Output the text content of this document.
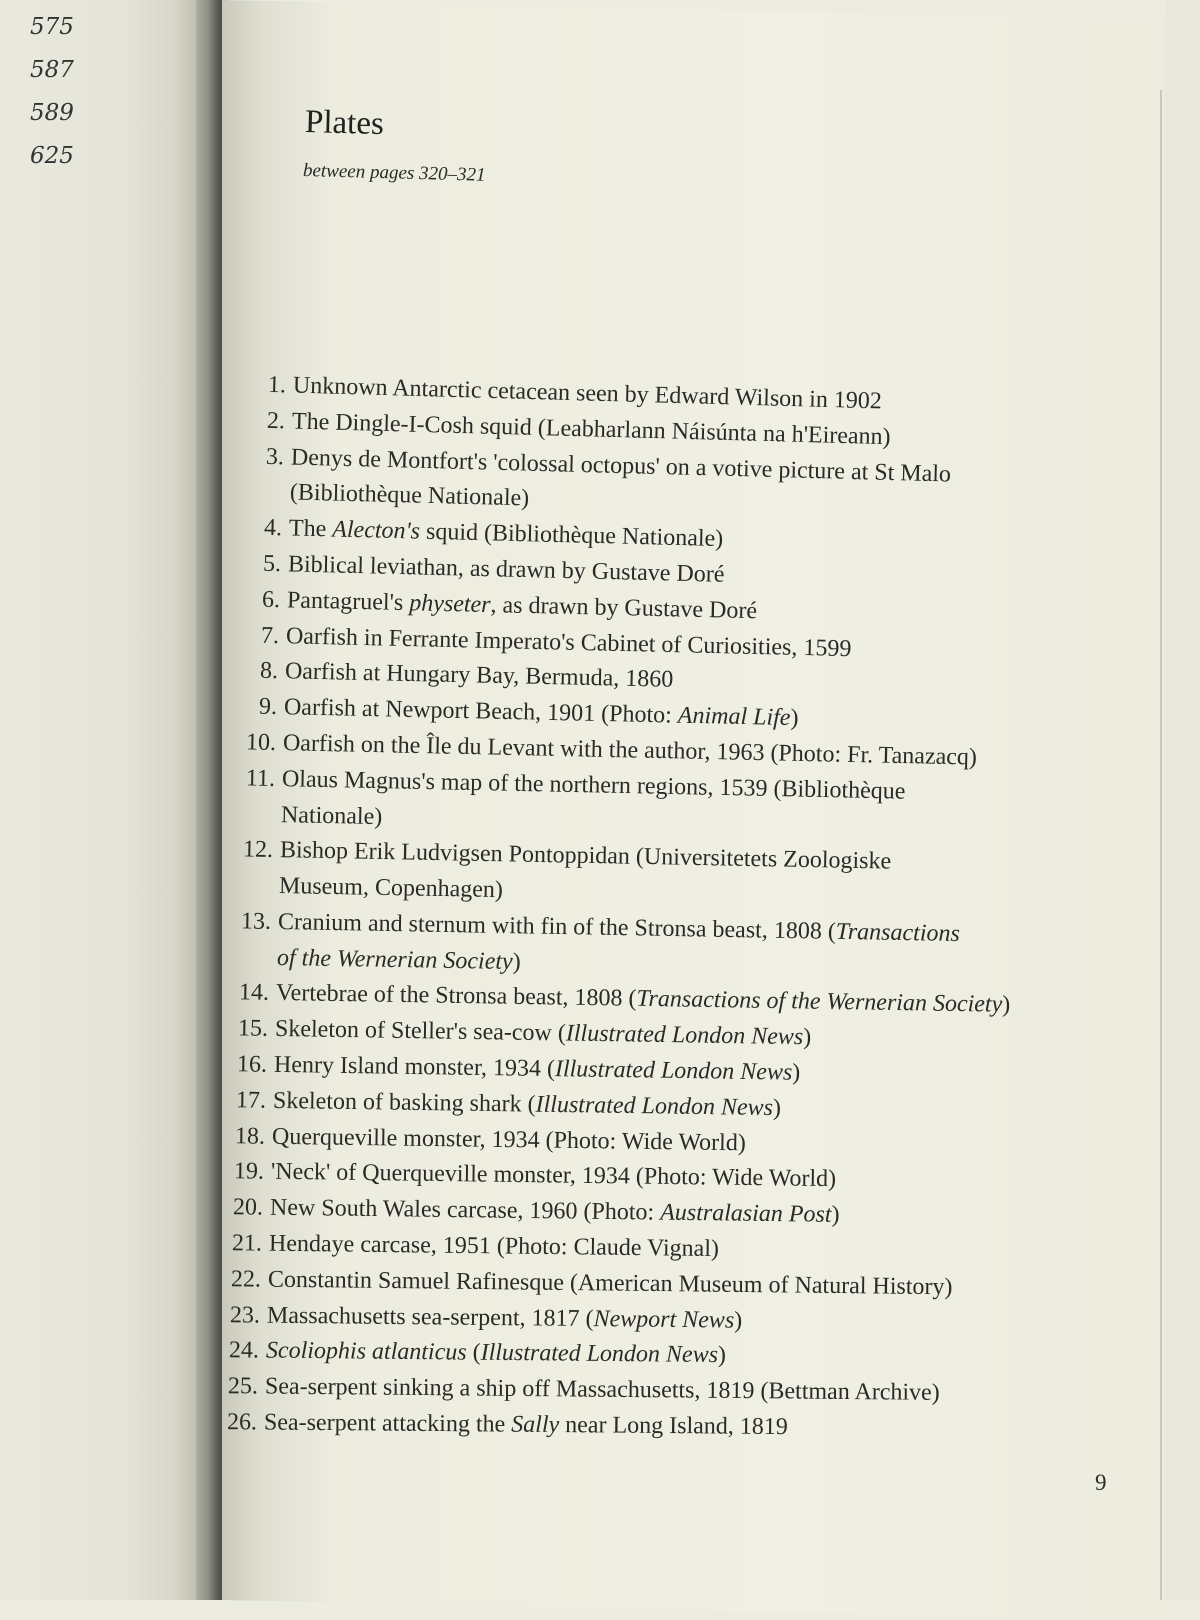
575
587
589
625
Plates

between pages 320–321

1. Unknown Antarctic cetacean seen by Edward Wilson in 1902
2. The Dingle-I-Cosh squid (Leabharlann Náisúnta na h'Eireann)
3. Denys de Montfort's 'colossal octopus' on a votive picture at St Malo
(Bibliothèque Nationale)
4. The Alecton's squid (Bibliothèque Nationale)
5. Biblical leviathan, as drawn by Gustave Doré
6. Pantagruel's physeter, as drawn by Gustave Doré
7. Oarfish in Ferrante Imperato's Cabinet of Curiosities, 1599
8. Oarfish at Hungary Bay, Bermuda, 1860
9. Oarfish at Newport Beach, 1901 (Photo: Animal Life)
10. Oarfish on the Île du Levant with the author, 1963 (Photo: Fr. Tanazacq)
11. Olaus Magnus's map of the northern regions, 1539 (Bibliothèque
Nationale)
12. Bishop Erik Ludvigsen Pontoppidan (Universitetets Zoologiske
Museum, Copenhagen)
13. Cranium and sternum with fin of the Stronsa beast, 1808 (Transactions
of the Wernerian Society)
14. Vertebrae of the Stronsa beast, 1808 (Transactions of the Wernerian Society)
15. Skeleton of Steller's sea-cow (Illustrated London News)
16. Henry Island monster, 1934 (Illustrated London News)
17. Skeleton of basking shark (Illustrated London News)
18. Querqueville monster, 1934 (Photo: Wide World)
19. 'Neck' of Querqueville monster, 1934 (Photo: Wide World)
20. New South Wales carcase, 1960 (Photo: Australasian Post)
21. Hendaye carcase, 1951 (Photo: Claude Vignal)
22. Constantin Samuel Rafinesque (American Museum of Natural History)
23. Massachusetts sea-serpent, 1817 (Newport News)
24. Scoliophis atlanticus (Illustrated London News)
25. Sea-serpent sinking a ship off Massachusetts, 1819 (Bettman Archive)
26. Sea-serpent attacking the Sally near Long Island, 1819

9
